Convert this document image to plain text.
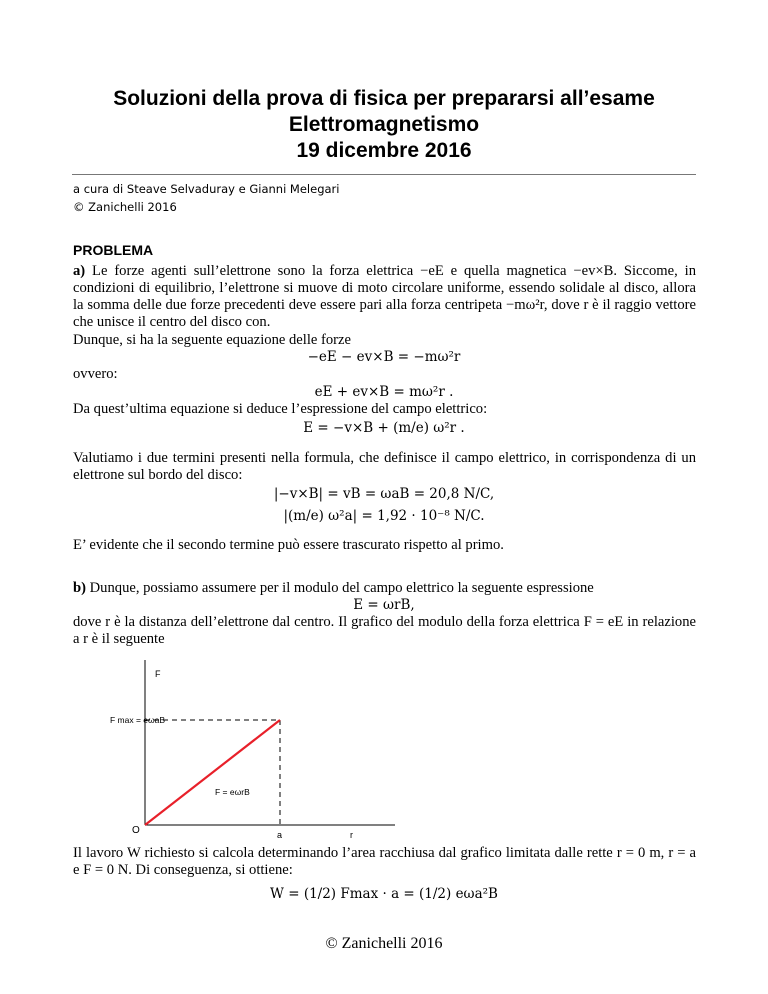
Soluzioni della prova di fisica per prepararsi all’esame
Elettromagnetismo
19 dicembre 2016
a cura di Steave Selvaduray e Gianni Melegari
© Zanichelli 2016
PROBLEMA
a) Le forze agenti sull’elettrone sono la forza elettrica −eE e quella magnetica −ev×B. Siccome, in condizioni di equilibrio, l’elettrone si muove di moto circolare uniforme, essendo solidale al disco, allora la somma delle due forze precedenti deve essere pari alla forza centripeta −mω²r, dove r è il raggio vettore che unisce il centro del disco con.
Dunque, si ha la seguente equazione delle forze
−eE − ev×B = −mω²r
ovvero:
eE + ev×B = mω²r .
Da quest’ultima equazione si deduce l’espressione del campo elettrico:
E = −v×B + (m/e) ω²r .
Valutiamo i due termini presenti nella formula, che definisce il campo elettrico, in corrispondenza di un elettrone sul bordo del disco:
|−v×B| = vB = ωaB = 20,8 N/C,
|(m/e) ω²a| = 1,92 · 10⁻⁸ N/C.
E’ evidente che il secondo termine può essere trascurato rispetto al primo.
b) Dunque, possiamo assumere per il modulo del campo elettrico la seguente espressione
E = ωrB,
dove r è la distanza dell’elettrone dal centro. Il grafico del modulo della forza elettrica F = eE in relazione a r è il seguente
F
F max = eωaB
F = eωrB
O	a	r
Il lavoro W richiesto si calcola determinando l’area racchiusa dal grafico limitata dalle rette r = 0 m, r = a e F = 0 N. Di conseguenza, si ottiene:
W = (1/2) Fmax · a = (1/2) eωa²B
© Zanichelli 2016
